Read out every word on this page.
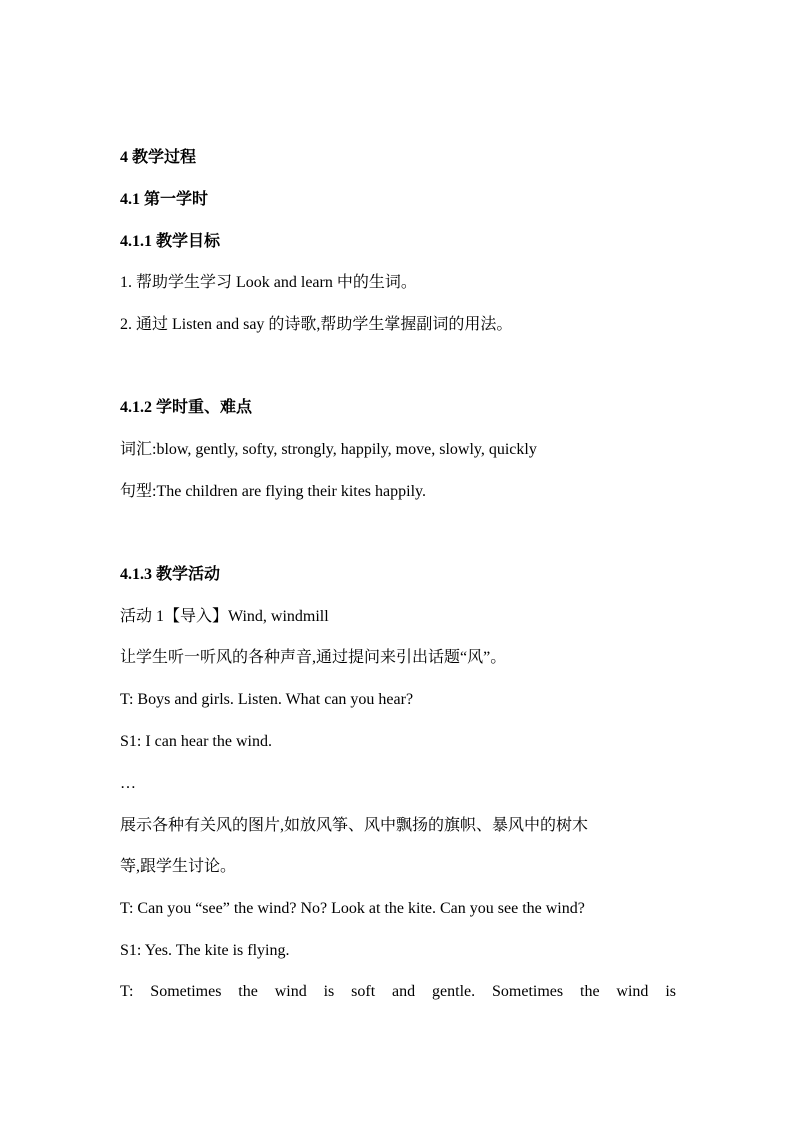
4 教学过程
4.1 第一学时
4.1.1 教学目标
1. 帮助学生学习 Look and learn 中的生词。
2. 通过 Listen and say 的诗歌,帮助学生掌握副词的用法。
4.1.2 学时重、难点
词汇:blow, gently, softy, strongly, happily, move, slowly, quickly
句型:The children are flying their kites happily.
4.1.3 教学活动
活动 1【导入】Wind, windmill
让学生听一听风的各种声音,通过提问来引出话题“风”。
T: Boys and girls. Listen. What can you hear?
S1: I can hear the wind.
…
展示各种有关风的图片,如放风筝、风中飘扬的旗帜、暴风中的树木
等,跟学生讨论。
T: Can you “see” the wind? No? Look at the kite. Can you see the wind?
S1: Yes. The kite is flying.
T: Sometimes the wind is soft and gentle. Sometimes the wind is
